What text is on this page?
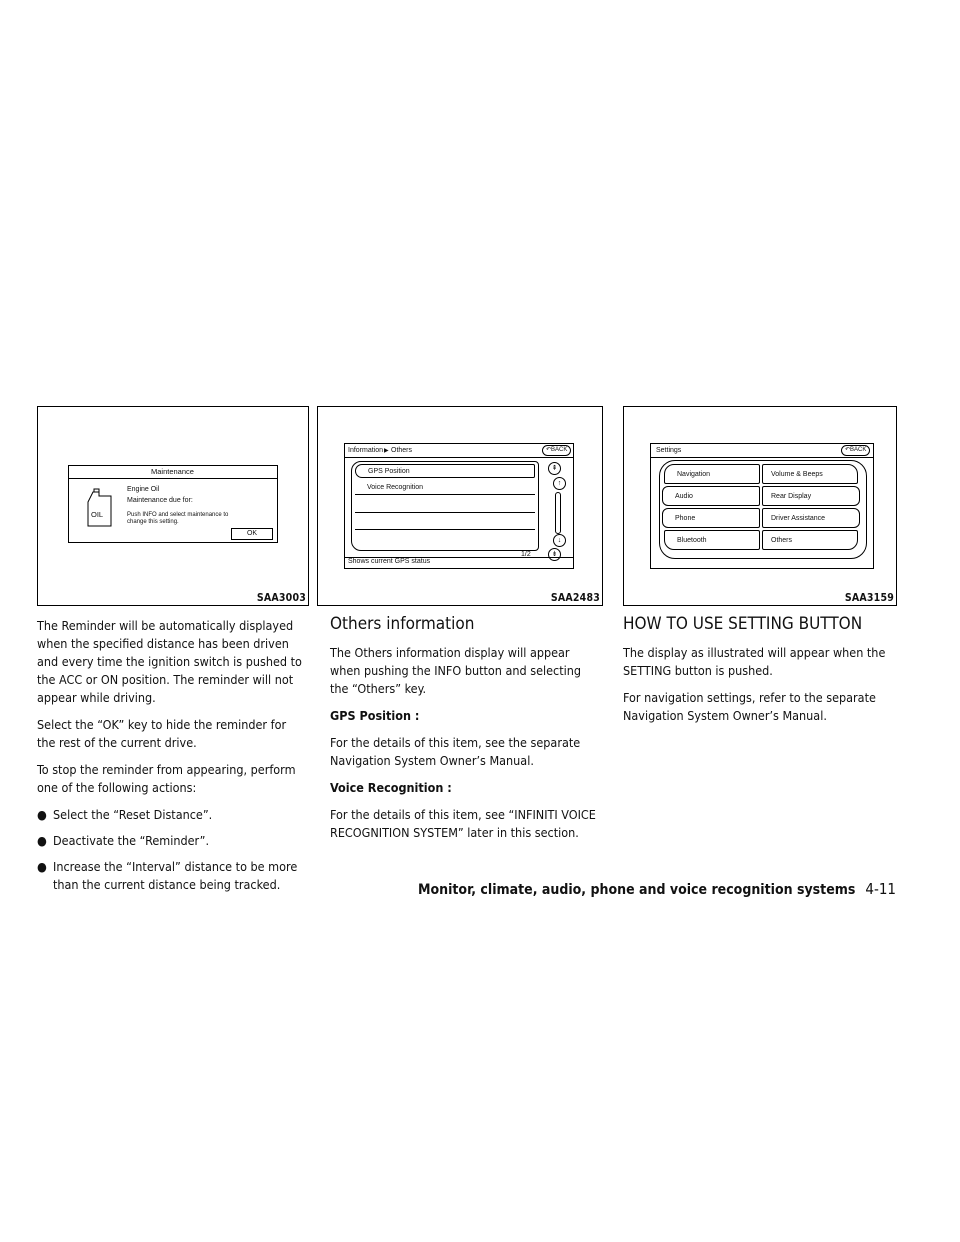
Maintenance
OIL
Engine Oil
Maintenance due for:
Push INFO and select maintenance to
change this setting.
OK
SAA3003
Information ▶ Others	↶BACK
GPS Position
Voice Recognition
⇞
↑
↓
⇟
1/2
Shows current GPS status
SAA2483
Settings	↶BACK
Navigation
Audio
Phone
Bluetooth
Volume & Beeps
Rear Display
Driver Assistance
Others
SAA3159

The Reminder will be automatically displayed when the specified distance has been driven and every time the ignition switch is pushed to the ACC or ON position. The reminder will not appear while driving.

Select the “OK” key to hide the reminder for the rest of the current drive.

To stop the reminder from appearing, perform one of the following actions:

● Select the “Reset Distance”.
● Deactivate the “Reminder”.
● Increase the “Interval” distance to be more than the current distance being tracked.
Others information

The Others information display will appear when pushing the INFO button and selecting the “Others” key.

GPS Position :

For the details of this item, see the separate Navigation System Owner’s Manual.

Voice Recognition :

For the details of this item, see “INFINITI VOICE RECOGNITION SYSTEM” later in this section.

HOW TO USE SETTING BUTTON

The display as illustrated will appear when the SETTING button is pushed.

For navigation settings, refer to the separate Navigation System Owner’s Manual.

Monitor, climate, audio, phone and voice recognition systems 4-11
